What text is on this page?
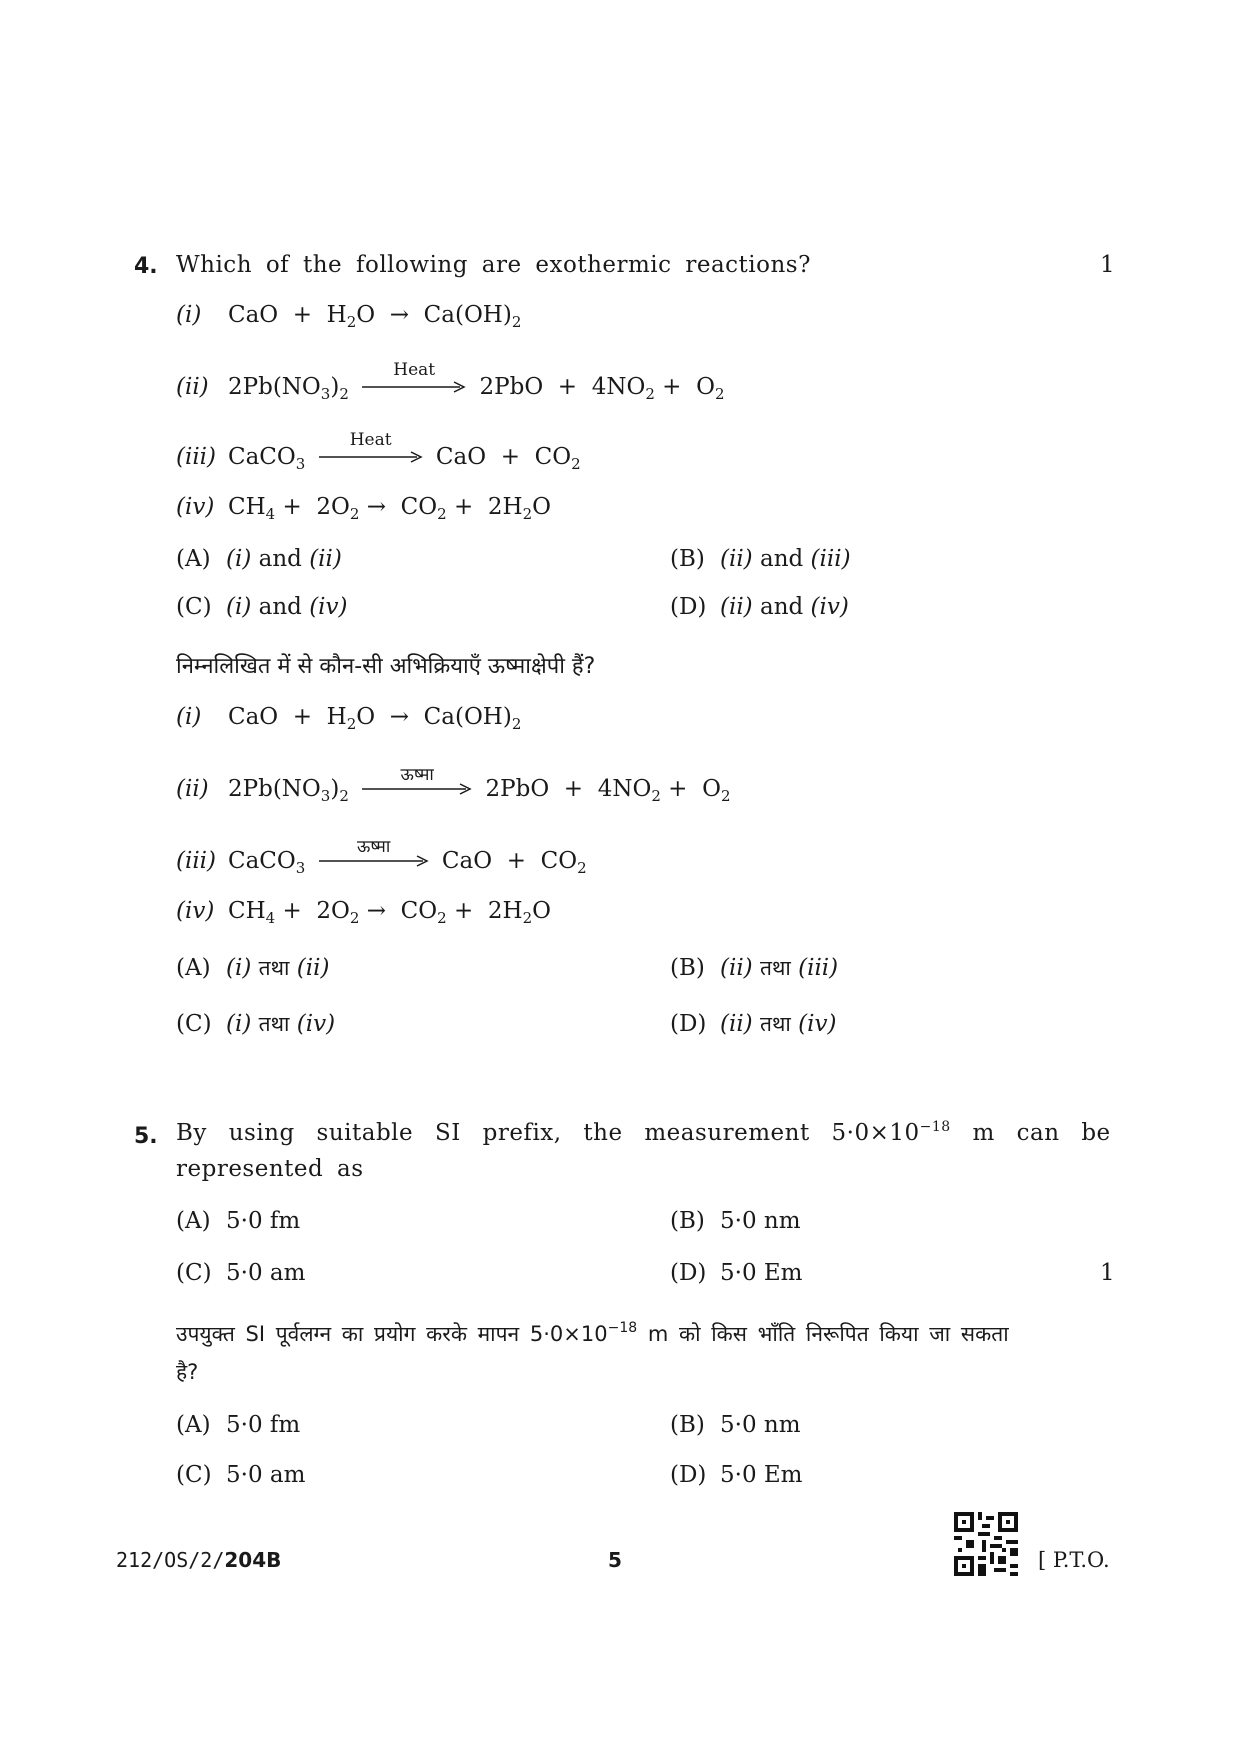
4. Which of the following are exothermic reactions?	1
(i) CaO  +  $H_2O \to Ca(OH)_2$
(ii) $2Pb(NO_3)_2$
Heat
$2PbO + 4NO_2 + O_2$
(iii) CaCO$_3$
Heat
CaO  +  $CO_2$
(iv) $CH_4 + 2O_2 \to CO_2 + 2H_2O$
(A) (i) and (ii)	(B) (ii) and (iii)
(C) (i) and (iv)	(D) (ii) and (iv)
निम्नलिखित में से कौन-सी अभिक्रियाएँ ऊष्माक्षेपी हैं?
(i) CaO  +  $H_2O \to Ca(OH)_2$
(ii) $2Pb(NO_3)_2$
ऊष्मा
$2PbO + 4NO_2 + O_2$
(iii) CaCO$_3$
ऊष्मा
CaO  +  $CO_2$
(iv) $CH_4 + 2O_2 \to CO_2 + 2H_2O$
(A) (i) तथा (ii)	(B) (ii) तथा (iii)
(C) (i) तथा (iv)	(D) (ii) तथा (iv)
5. By using suitable SI prefix, the measurement $5\cdot 0\times 10^{-18}$ m can be
represented as
(A) 5·0 fm	(B) 5·0 nm
(C) 5·0 am	(D) 5·0 Em	1
उपयुक्त SI पूर्वलग्न का प्रयोग करके मापन $5\cdot 0\times 10^{-18}$ m को किस भाँति निरूपित किया जा सकता
है?
(A) 5·0 fm	(B) 5·0 nm
(C) 5·0 am	(D) 5·0 Em
212/OS/2/204B	5	[ P.T.O.
